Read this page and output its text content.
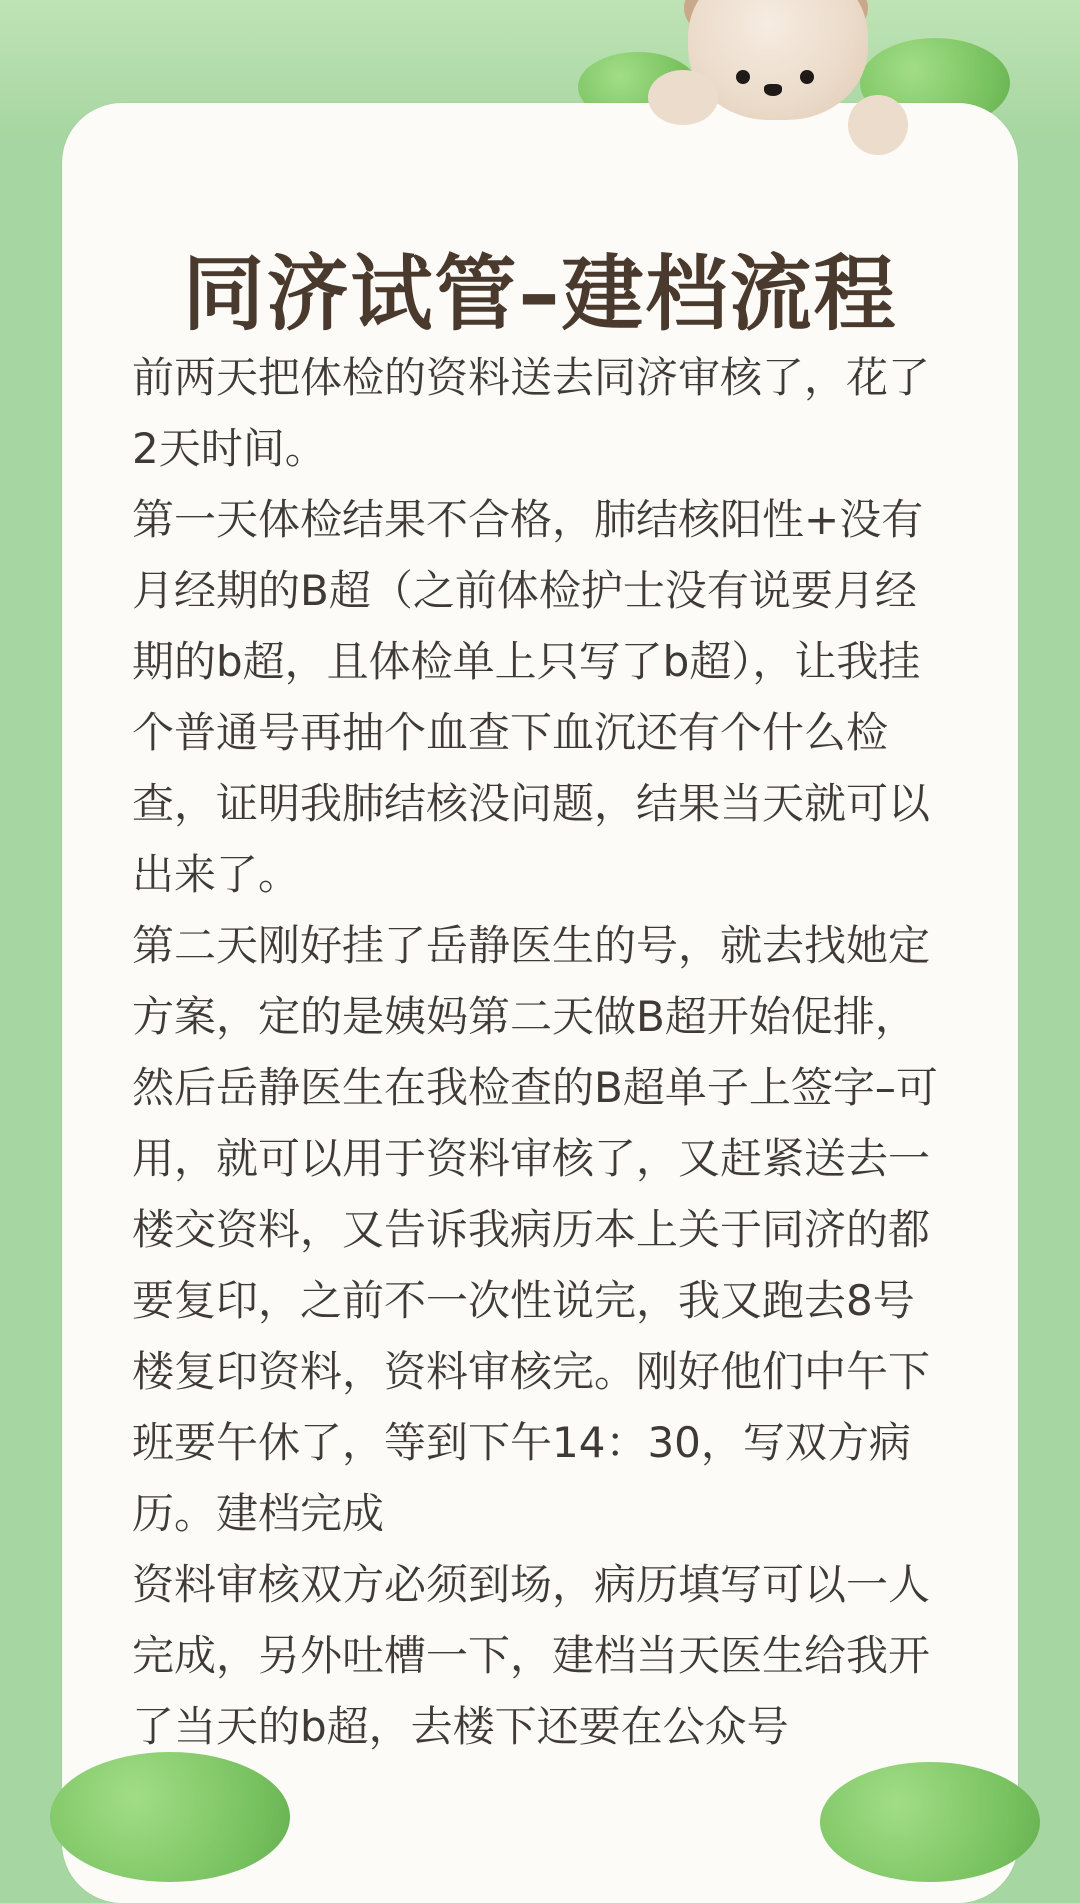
同济试管–建档流程

前两天把体检的资料送去同济审核了，花了2天时间。

第一天体检结果不合格，肺结核阳性+没有月经期的B超（之前体检护士没有说要月经期的b超，且体检单上只写了b超），让我挂个普通号再抽个血查下血沉还有个什么检查，证明我肺结核没问题，结果当天就可以出来了。

第二天刚好挂了岳静医生的号，就去找她定方案，定的是姨妈第二天做B超开始促排，然后岳静医生在我检查的B超单子上签字–可用，就可以用于资料审核了，又赶紧送去一楼交资料，又告诉我病历本上关于同济的都要复印，之前不一次性说完，我又跑去8号楼复印资料，资料审核完。刚好他们中午下班要午休了，等到下午14：30，写双方病历。建档完成

资料审核双方必须到场，病历填写可以一人完成，另外吐槽一下，建档当天医生给我开了当天的b超，去楼下还要在公众号
